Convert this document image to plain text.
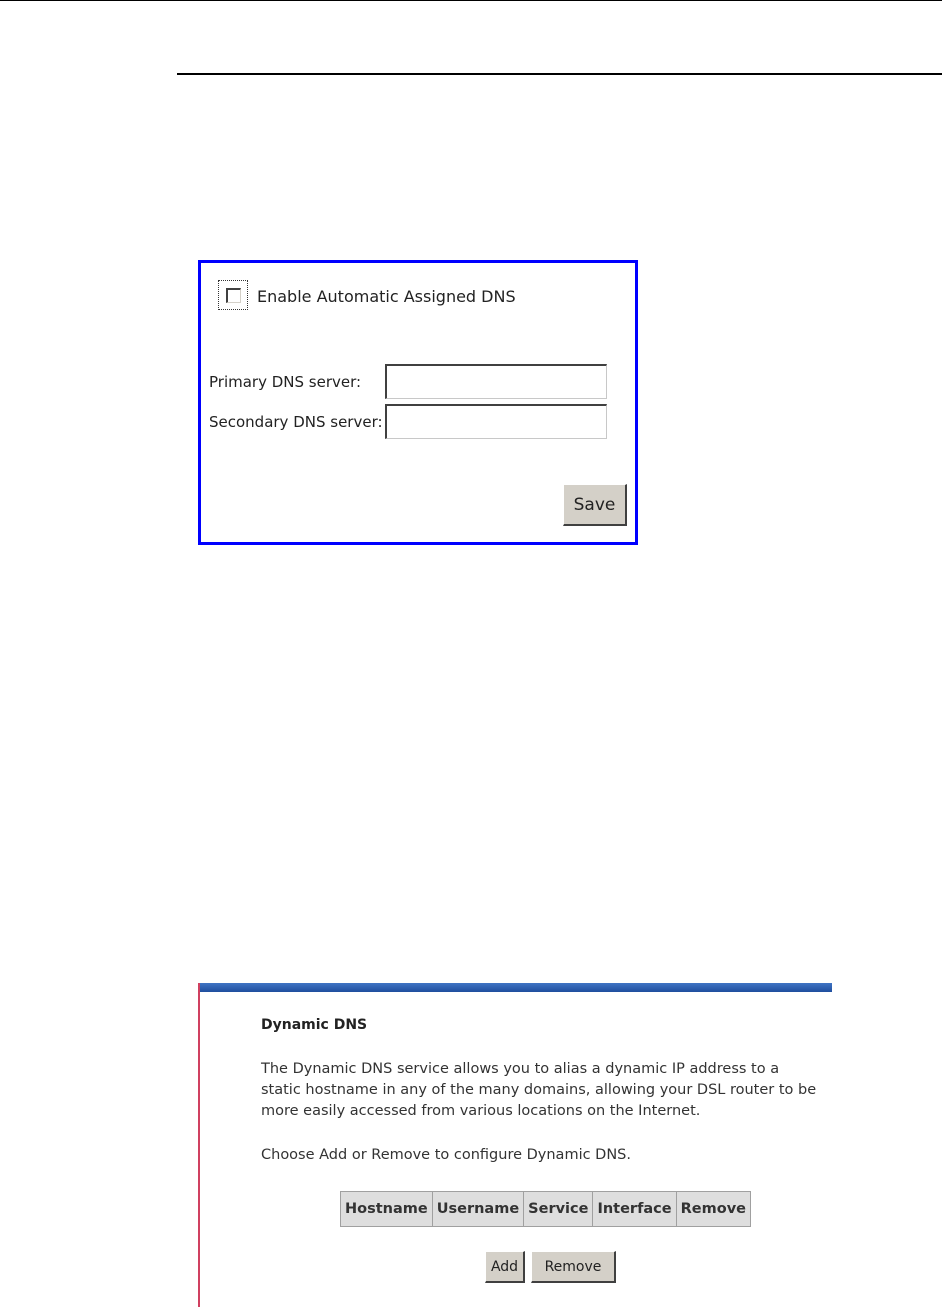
Enable Automatic Assigned DNS
Primary DNS server:
Secondary DNS server:
Save
Dynamic DNS
The Dynamic DNS service allows you to alias a dynamic IP address to a static hostname in any of the many domains, allowing your DSL router to be more easily accessed from various locations on the Internet.
Choose Add or Remove to configure Dynamic DNS.
Hostname	Username	Service	Interface	Remove
Add	Remove
